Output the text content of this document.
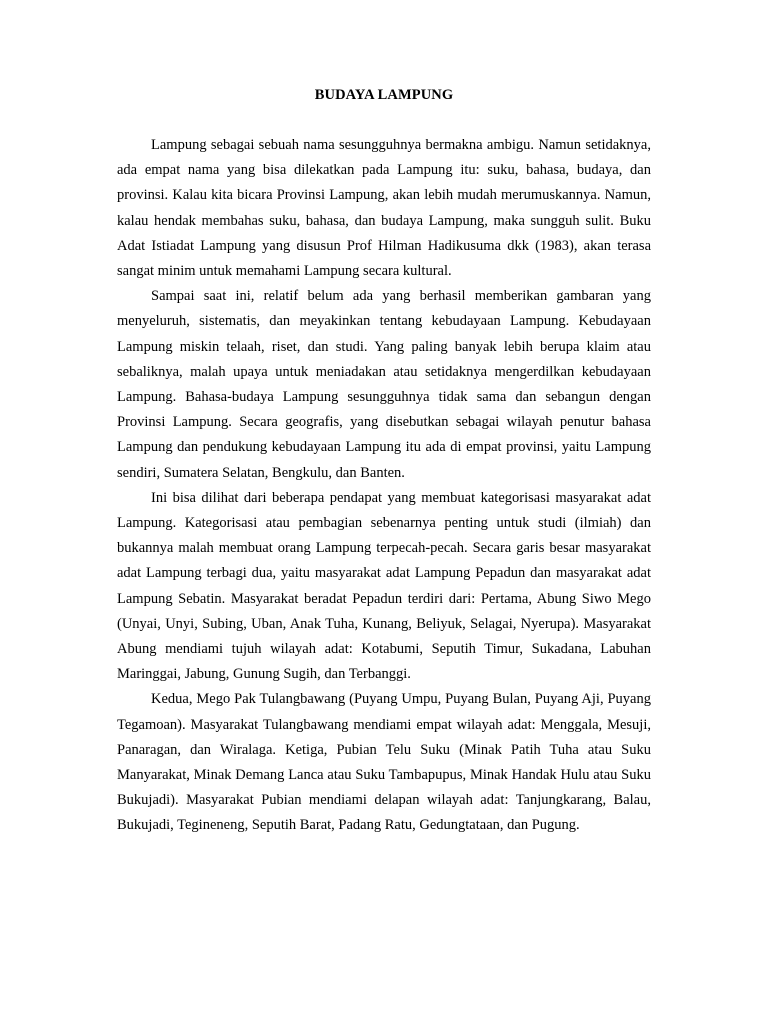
BUDAYA LAMPUNG

Lampung sebagai sebuah nama sesungguhnya bermakna ambigu. Namun setidaknya, ada empat nama yang bisa dilekatkan pada Lampung itu: suku, bahasa, budaya, dan provinsi. Kalau kita bicara Provinsi Lampung, akan lebih mudah merumuskannya. Namun, kalau hendak membahas suku, bahasa, dan budaya Lampung, maka sungguh sulit. Buku Adat Istiadat Lampung yang disusun Prof Hilman Hadikusuma dkk (1983), akan terasa sangat minim untuk memahami Lampung secara kultural.

Sampai saat ini, relatif belum ada yang berhasil memberikan gambaran yang menyeluruh, sistematis, dan meyakinkan tentang kebudayaan Lampung. Kebudayaan Lampung miskin telaah, riset, dan studi. Yang paling banyak lebih berupa klaim atau sebaliknya, malah upaya untuk meniadakan atau setidaknya mengerdilkan kebudayaan Lampung. Bahasa-budaya Lampung sesungguhnya tidak sama dan sebangun dengan Provinsi Lampung. Secara geografis, yang disebutkan sebagai wilayah penutur bahasa Lampung dan pendukung kebudayaan Lampung itu ada di empat provinsi, yaitu Lampung sendiri, Sumatera Selatan, Bengkulu, dan Banten.

Ini bisa dilihat dari beberapa pendapat yang membuat kategorisasi masyarakat adat Lampung. Kategorisasi atau pembagian sebenarnya penting untuk studi (ilmiah) dan bukannya malah membuat orang Lampung terpecah-pecah. Secara garis besar masyarakat adat Lampung terbagi dua, yaitu masyarakat adat Lampung Pepadun dan masyarakat adat Lampung Sebatin. Masyarakat beradat Pepadun terdiri dari: Pertama, Abung Siwo Mego (Unyai, Unyi, Subing, Uban, Anak Tuha, Kunang, Beliyuk, Selagai, Nyerupa). Masyarakat Abung mendiami tujuh wilayah adat: Kotabumi, Seputih Timur, Sukadana, Labuhan Maringgai, Jabung, Gunung Sugih, dan Terbanggi.

Kedua, Mego Pak Tulangbawang (Puyang Umpu, Puyang Bulan, Puyang Aji, Puyang Tegamoan). Masyarakat Tulangbawang mendiami empat wilayah adat: Menggala, Mesuji, Panaragan, dan Wiralaga. Ketiga, Pubian Telu Suku (Minak Patih Tuha atau Suku Manyarakat, Minak Demang Lanca atau Suku Tambapupus, Minak Handak Hulu atau Suku Bukujadi). Masyarakat Pubian mendiami delapan wilayah adat: Tanjungkarang, Balau, Bukujadi, Tegineneng, Seputih Barat, Padang Ratu, Gedungtataan, dan Pugung.
